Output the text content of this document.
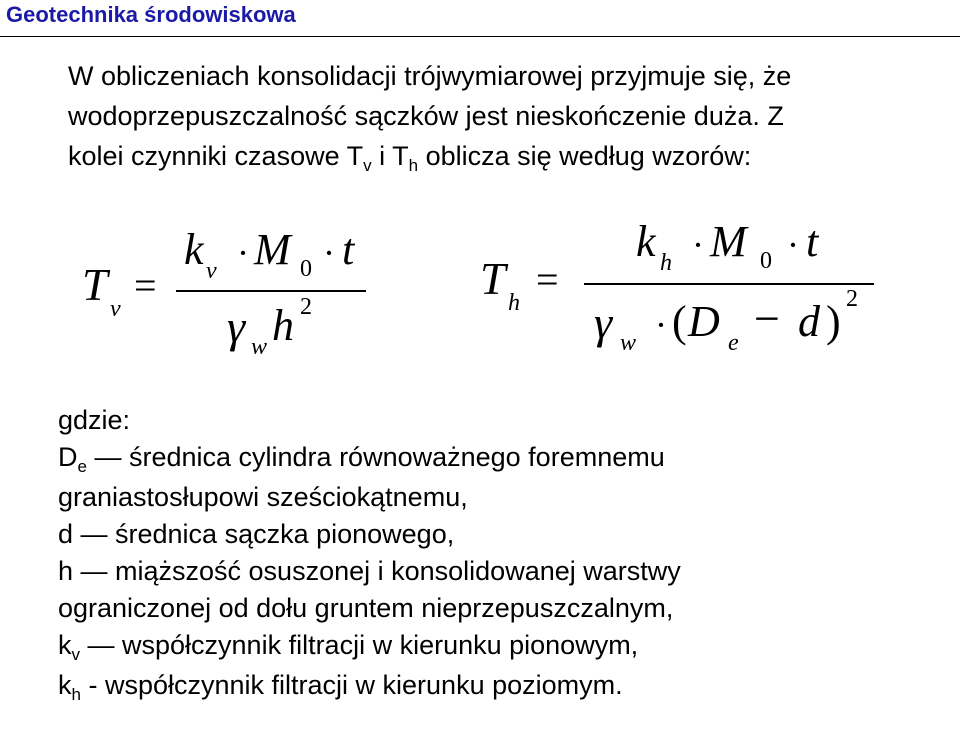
Geotechnika środowiskowa

W obliczeniach konsolidacji trójwymiarowej przyjmuje się, że

wodoprzepuszczalność sączków jest nieskończenie duża. Z

kolei czynniki czasowe $T_v$ i $T_h$ oblicza się według wzorów:

T v
=
k v · M 0 · t
γ w h 2
T h
=
k h · M 0 · t
γ w · ( D e − d ) 2

gdzie:

$D_e$ — średnica cylindra równoważnego foremnemu

graniastosłupowi sześciokątnemu,

d — średnica sączka pionowego,

h — miąższość osuszonej i konsolidowanej warstwy

ograniczonej od dołu gruntem nieprzepuszczalnym,

$k_v$ — współczynnik filtracji w kierunku pionowym,

$k_h$ - współczynnik filtracji w kierunku poziomym.
